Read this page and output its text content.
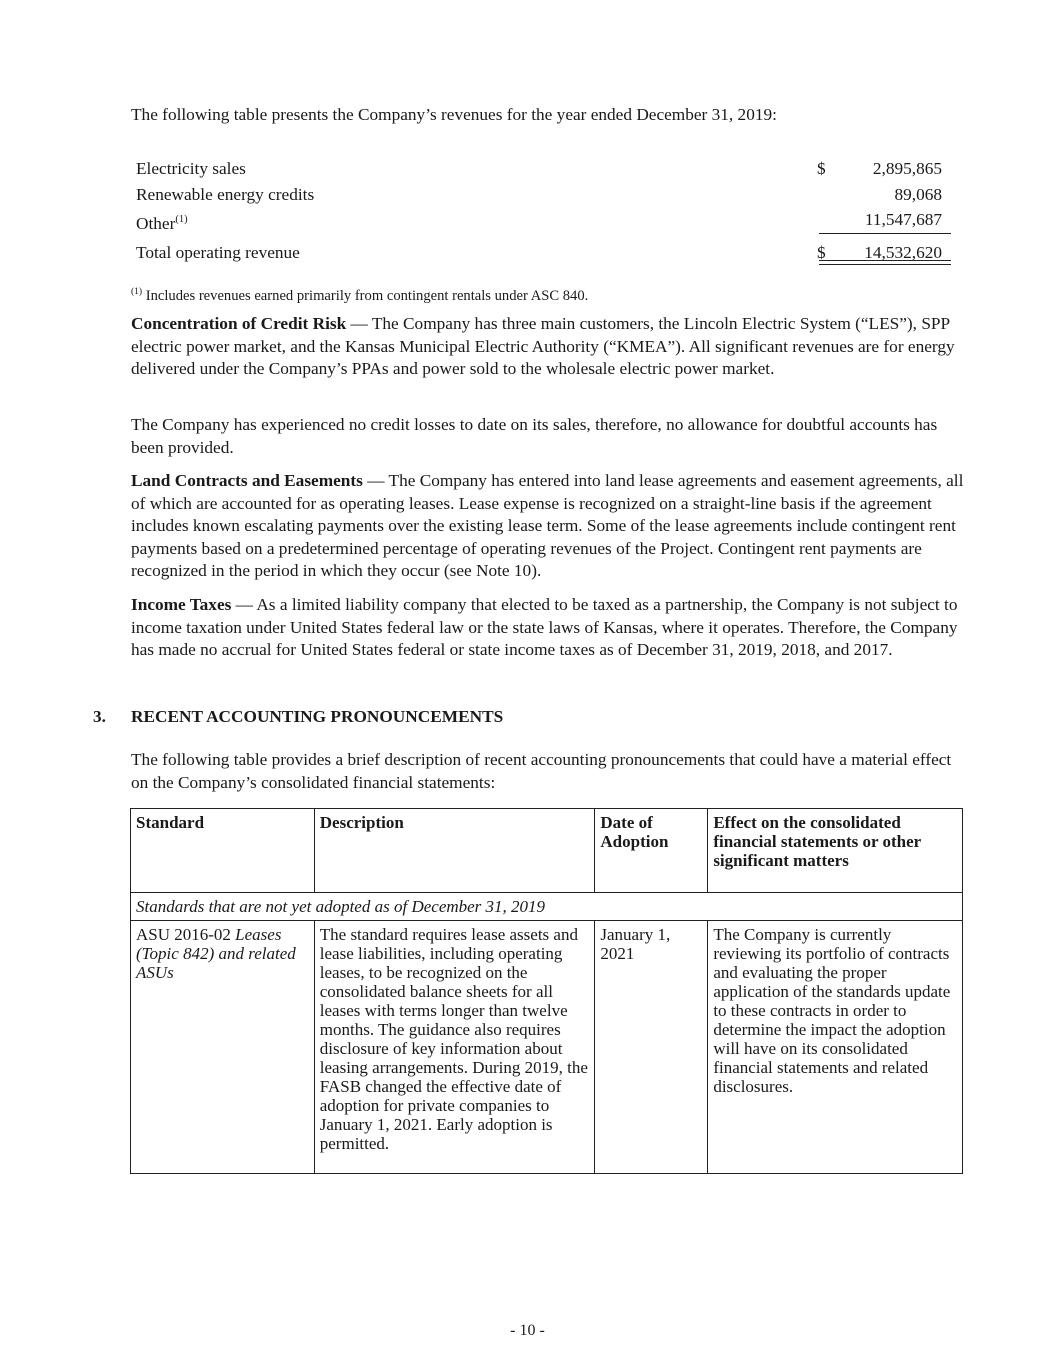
The following table presents the Company’s revenues for the year ended December 31, 2019:

Electricity sales	$	2,895,865
Renewable energy credits	89,068
Other$^{(1)}$	11,547,687
Total operating revenue	$ 14,532,620
$^{(1)}$ Includes revenues earned primarily from contingent rentals under ASC 840.

Concentration of Credit Risk — The Company has three main customers, the Lincoln Electric System (“LES”), SPP electric power market, and the Kansas Municipal Electric Authority (“KMEA”). All significant revenues are for energy delivered under the Company’s PPAs and power sold to the wholesale electric power market.

The Company has experienced no credit losses to date on its sales, therefore, no allowance for doubtful accounts has been provided.

Land Contracts and Easements — The Company has entered into land lease agreements and easement agreements, all of which are accounted for as operating leases. Lease expense is recognized on a straight-line basis if the agreement includes known escalating payments over the existing lease term. Some of the lease agreements include contingent rent payments based on a predetermined percentage of operating revenues of the Project. Contingent rent payments are recognized in the period in which they occur (see Note 10).

Income Taxes — As a limited liability company that elected to be taxed as a partnership, the Company is not subject to income taxation under United States federal law or the state laws of Kansas, where it operates. Therefore, the Company has made no accrual for United States federal or state income taxes as of December 31, 2019, 2018, and 2017.

3. RECENT ACCOUNTING PRONOUNCEMENTS

The following table provides a brief description of recent accounting pronouncements that could have a material effect on the Company’s consolidated financial statements:

Standard	Description	Date of Adoption	Effect on the consolidated financial statements or other significant matters
Standards that are not yet adopted as of December 31, 2019			
ASU 2016-02 Leases (Topic 842) and related ASUs	The standard requires lease assets and lease liabilities, including operating leases, to be recognized on the consolidated balance sheets for all leases with terms longer than twelve months. The guidance also requires disclosure of key information about leasing arrangements. During 2019, the FASB changed the effective date of adoption for private companies to January 1, 2021. Early adoption is permitted.	January 1, 2021	The Company is currently reviewing its portfolio of contracts and evaluating the proper application of the standards update to these contracts in order to determine the impact the adoption will have on its consolidated financial statements and related disclosures.
- 10 -
